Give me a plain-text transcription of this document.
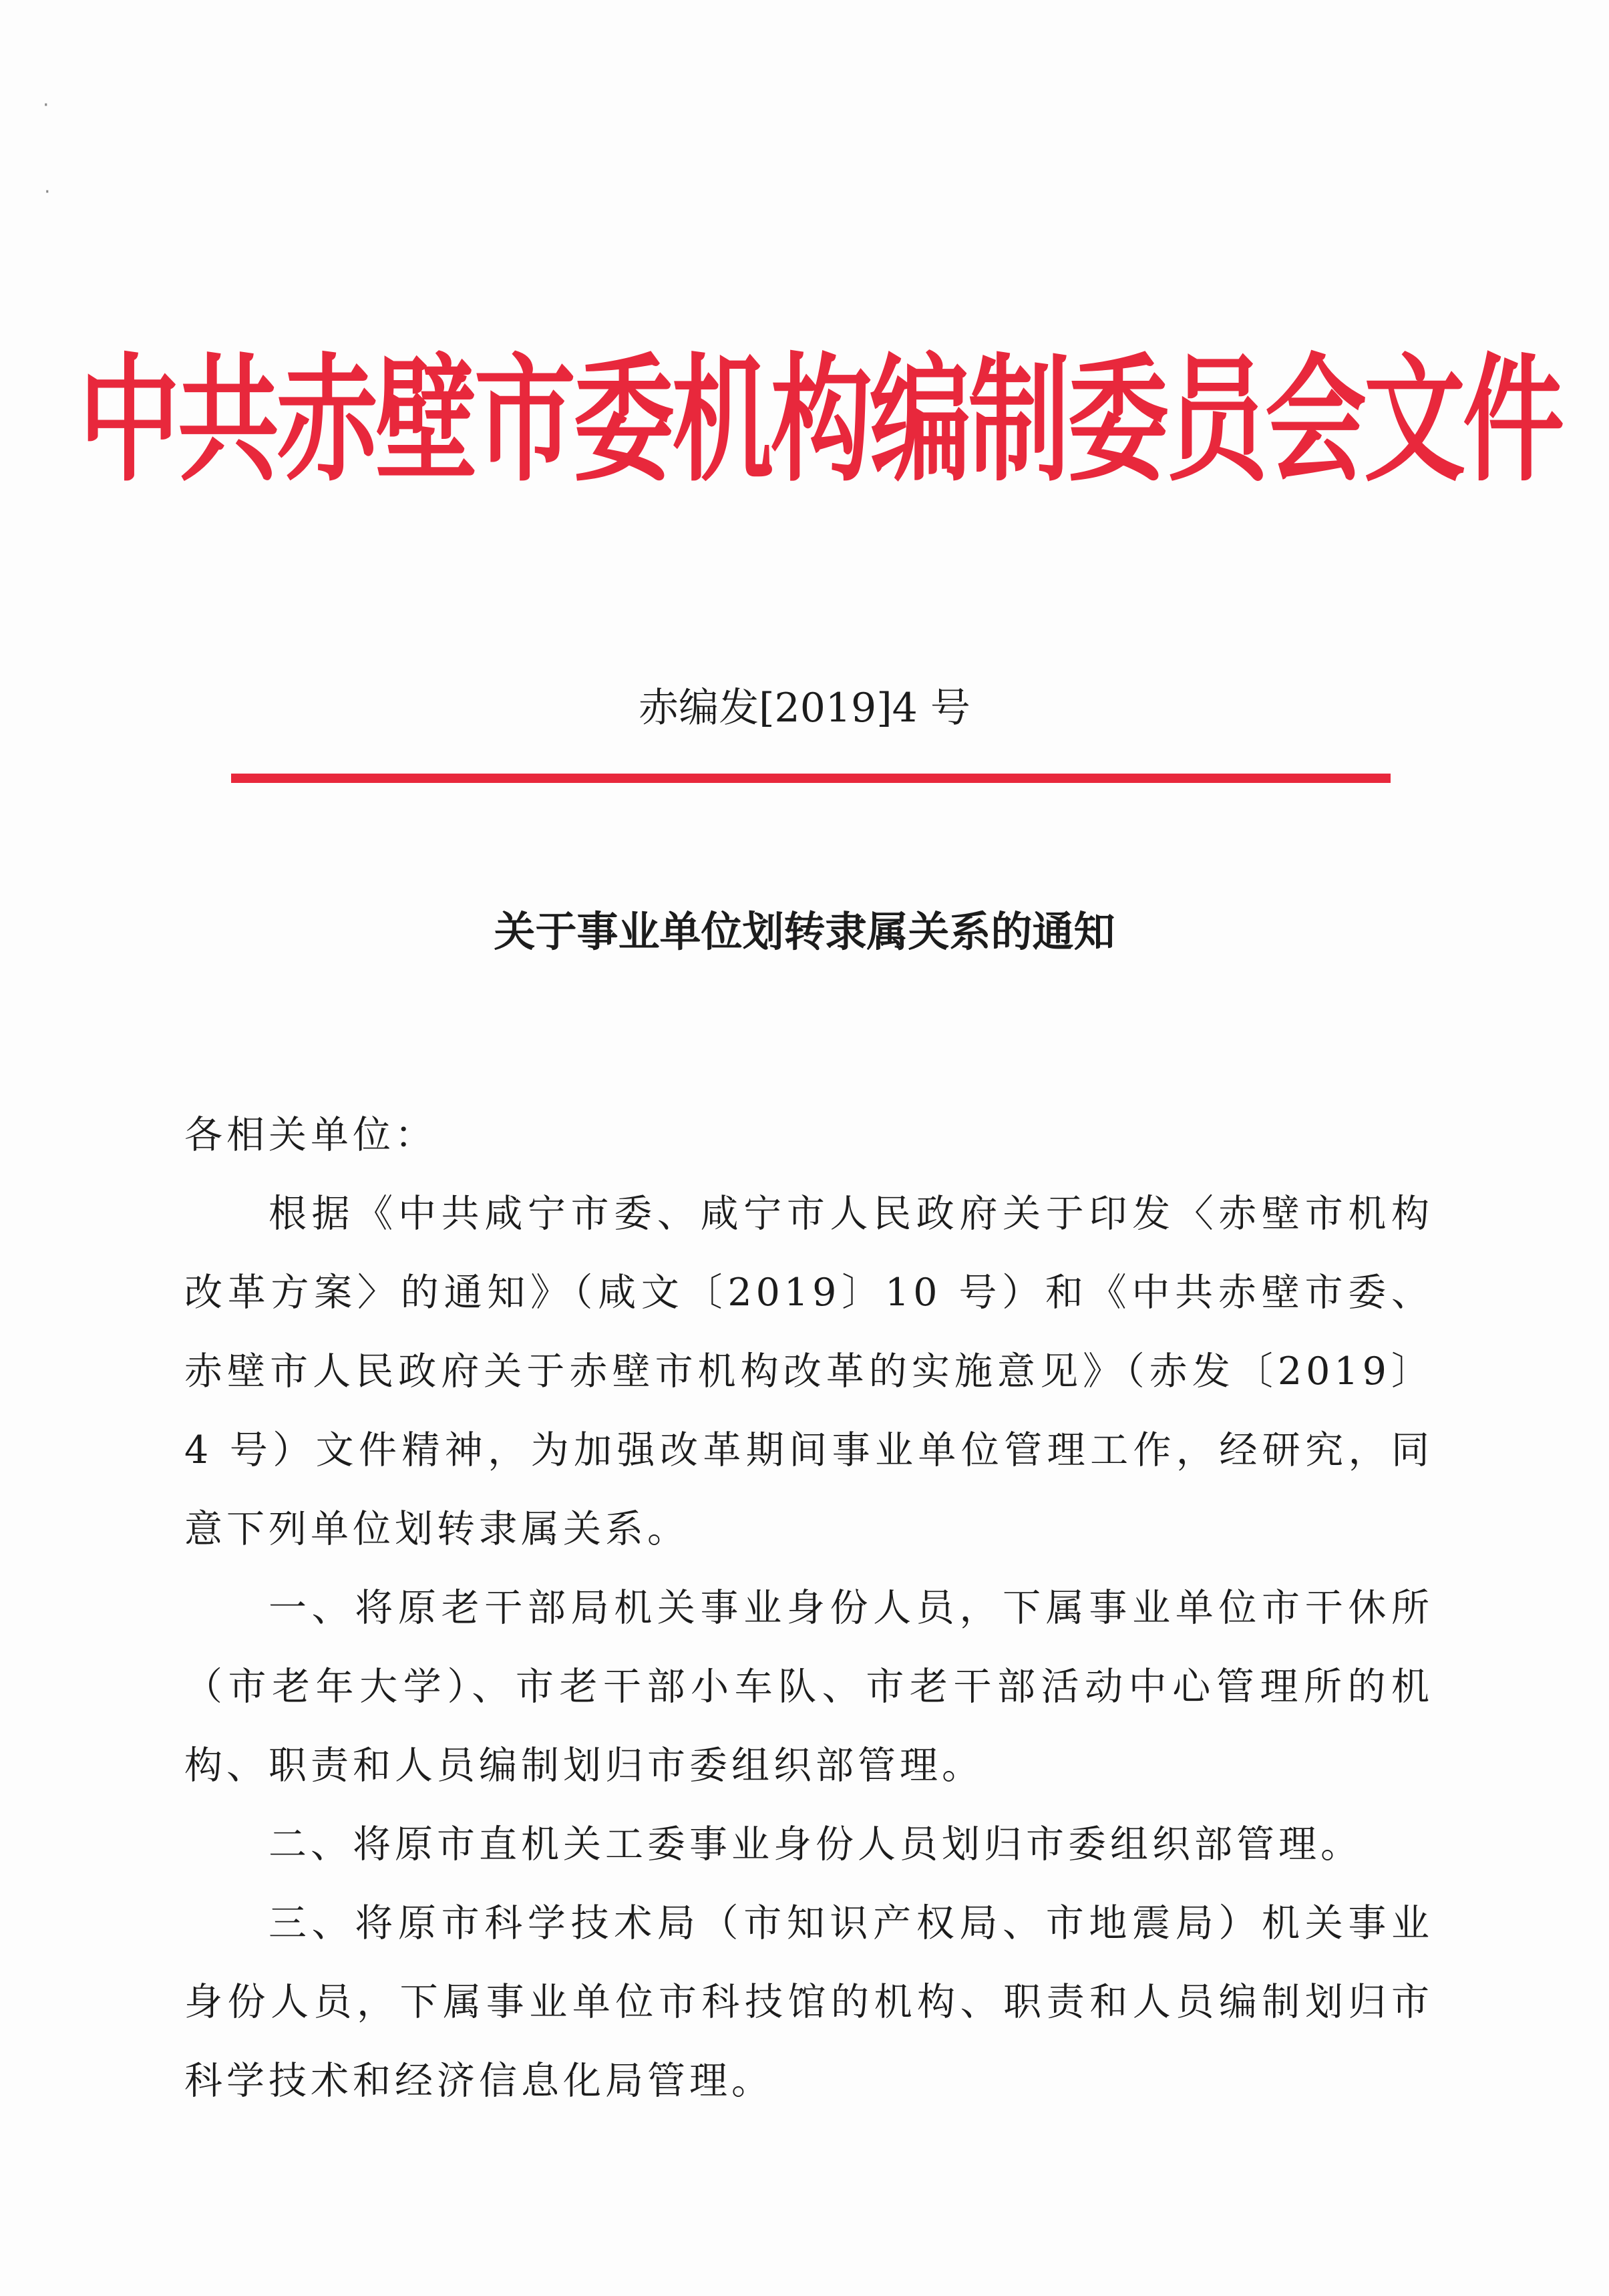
·
·
中共赤壁市委机构编制委员会文件
赤编发[2019]4 号
关于事业单位划转隶属关系的通知

各相关单位：

根据《中共咸宁市委、咸宁市人民政府关于印发〈赤壁市机构改革方案〉的通知》（咸文〔2019〕10 号）和《中共赤壁市委、赤壁市人民政府关于赤壁市机构改革的实施意见》（赤发〔2019〕4 号）文件精神，为加强改革期间事业单位管理工作，经研究，同意下列单位划转隶属关系。

一、将原老干部局机关事业身份人员，下属事业单位市干休所（市老年大学）、市老干部小车队、市老干部活动中心管理所的机构、职责和人员编制划归市委组织部管理。

二、将原市直机关工委事业身份人员划归市委组织部管理。

三、将原市科学技术局（市知识产权局、市地震局）机关事业身份人员，下属事业单位市科技馆的机构、职责和人员编制划归市科学技术和经济信息化局管理。
